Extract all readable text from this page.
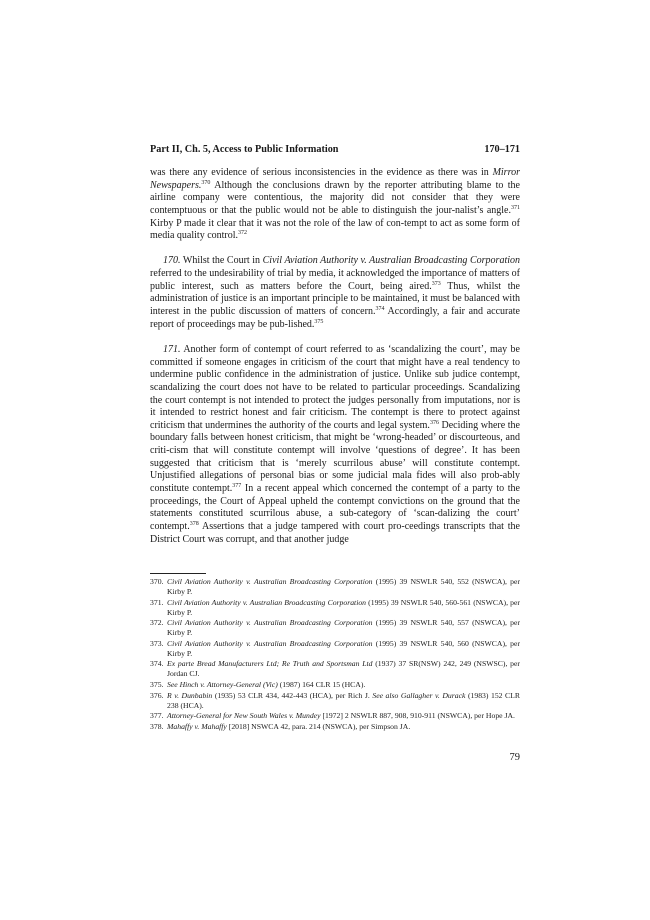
Part II, Ch. 5, Access to Public Information	170–171

was there any evidence of serious inconsistencies in the evidence as there was in Mirror Newspapers.$^{370}$ Although the conclusions drawn by the reporter attributing blame to the airline company were contentious, the majority did not consider that they were contemptuous or that the public would not be able to distinguish the jour-nalist’s angle.$^{371}$ Kirby P made it clear that it was not the role of the law of con-tempt to act as some form of media quality control.$^{372}$

170. Whilst the Court in Civil Aviation Authority v. Australian Broadcasting Corporation referred to the undesirability of trial by media, it acknowledged the importance of matters of public interest, such as matters before the Court, being aired.$^{373}$ Thus, whilst the administration of justice is an important principle to be maintained, it must be balanced with interest in the public discussion of matters of concern.$^{374}$ Accordingly, a fair and accurate report of proceedings may be pub-lished.$^{375}$

171. Another form of contempt of court referred to as ‘scandalizing the court’, may be committed if someone engages in criticism of the court that might have a real tendency to undermine public confidence in the administration of justice. Unlike sub judice contempt, scandalizing the court does not have to be related to particular proceedings. Scandalizing the court contempt is not intended to protect the judges personally from imputations, nor is it intended to restrict honest and fair criticism. The contempt is there to protect against criticism that undermines the authority of the courts and legal system.$^{376}$ Deciding where the boundary falls between honest criticism, that might be ‘wrong-headed’ or discourteous, and criti-cism that will constitute contempt will involve ‘questions of degree’. It has been suggested that criticism that is ‘merely scurrilous abuse’ will constitute contempt. Unjustified allegations of personal bias or some judicial mala fides will also prob-ably constitute contempt.$^{377}$ In a recent appeal which concerned the contempt of a party to the proceedings, the Court of Appeal upheld the contempt convictions on the ground that the statements constituted scurrilous abuse, a sub-category of ‘scan-dalizing the court’ contempt.$^{378}$ Assertions that a judge tampered with court pro-ceedings transcripts that the District Court was corrupt, and that another judge

370. Civil Aviation Authority v. Australian Broadcasting Corporation (1995) 39 NSWLR 540, 552 (NSWCA), per Kirby P.
371. Civil Aviation Authority v. Australian Broadcasting Corporation (1995) 39 NSWLR 540, 560-561 (NSWCA), per Kirby P.
372. Civil Aviation Authority v. Australian Broadcasting Corporation (1995) 39 NSWLR 540, 557 (NSWCA), per Kirby P.
373. Civil Aviation Authority v. Australian Broadcasting Corporation (1995) 39 NSWLR 540, 560 (NSWCA), per Kirby P.
374. Ex parte Bread Manufacturers Ltd; Re Truth and Sportsman Ltd (1937) 37 SR(NSW) 242, 249 (NSWSC), per Jordan CJ.
375. See Hinch v. Attorney-General (Vic) (1987) 164 CLR 15 (HCA).
376. R v. Dunbabin (1935) 53 CLR 434, 442-443 (HCA), per Rich J. See also Gallagher v. Durack (1983) 152 CLR 238 (HCA).
377. Attorney-General for New South Wales v. Mundey [1972] 2 NSWLR 887, 908, 910-911 (NSWCA), per Hope JA.
378. Mahaffy v. Mahaffy [2018] NSWCA 42, para. 214 (NSWCA), per Simpson JA.
79
